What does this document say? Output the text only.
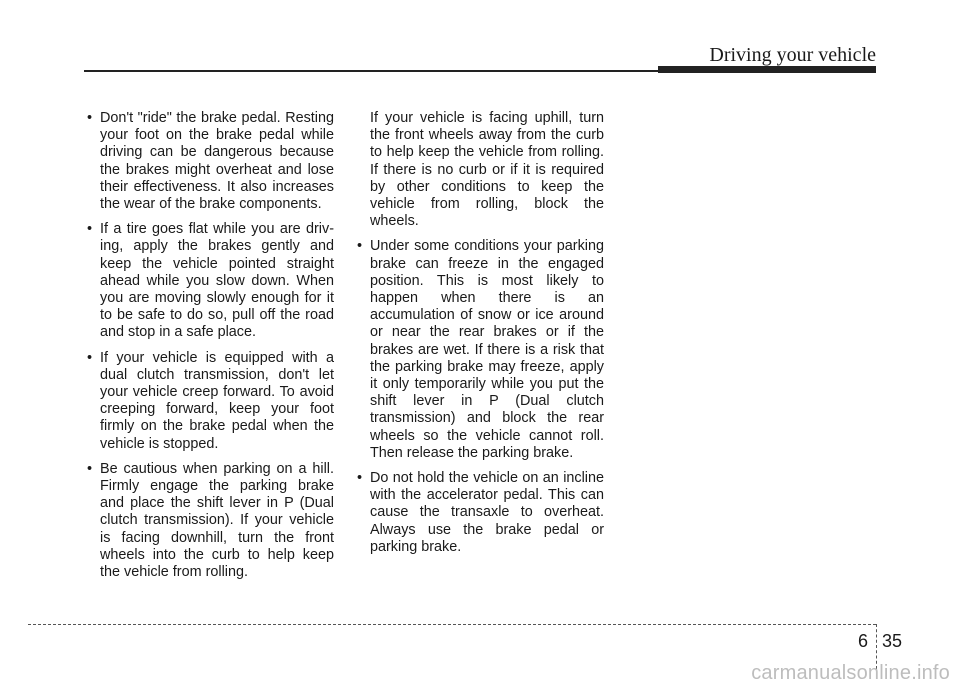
Driving your vehicle
• Don't "ride" the brake pedal. Resting your foot on the brake pedal while driving can be dangerous because the brakes might overheat and lose their effectiveness. It also increases the wear of the brake components.
• If a tire goes flat while you are driving, apply the brakes gently and keep the vehicle pointed straight ahead while you slow down. When you are moving slowly enough for it to be safe to do so, pull off the road and stop in a safe place.
• If your vehicle is equipped with a dual clutch transmission, don't let your vehicle creep forward. To avoid creeping forward, keep your foot firmly on the brake pedal when the vehicle is stopped.
• Be cautious when parking on a hill. Firmly engage the parking brake and place the shift lever in P (Dual clutch transmission). If your vehicle is facing downhill, turn the front wheels into the curb to help keep the vehicle from rolling.

If your vehicle is facing uphill, turn the front wheels away from the curb to help keep the vehicle from rolling. If there is no curb or if it is required by other conditions to keep the vehicle from rolling, block the wheels.

• Under some conditions your parking brake can freeze in the engaged position. This is most likely to happen when there is an accumulation of snow or ice around or near the rear brakes or if the brakes are wet. If there is a risk that the parking brake may freeze, apply it only temporarily while you put the shift lever in P (Dual clutch transmission) and block the rear wheels so the vehicle cannot roll. Then release the parking brake.
• Do not hold the vehicle on an incline with the accelerator pedal. This can cause the transaxle to overheat. Always use the brake pedal or parking brake.
6 35
carmanualsonline.info
